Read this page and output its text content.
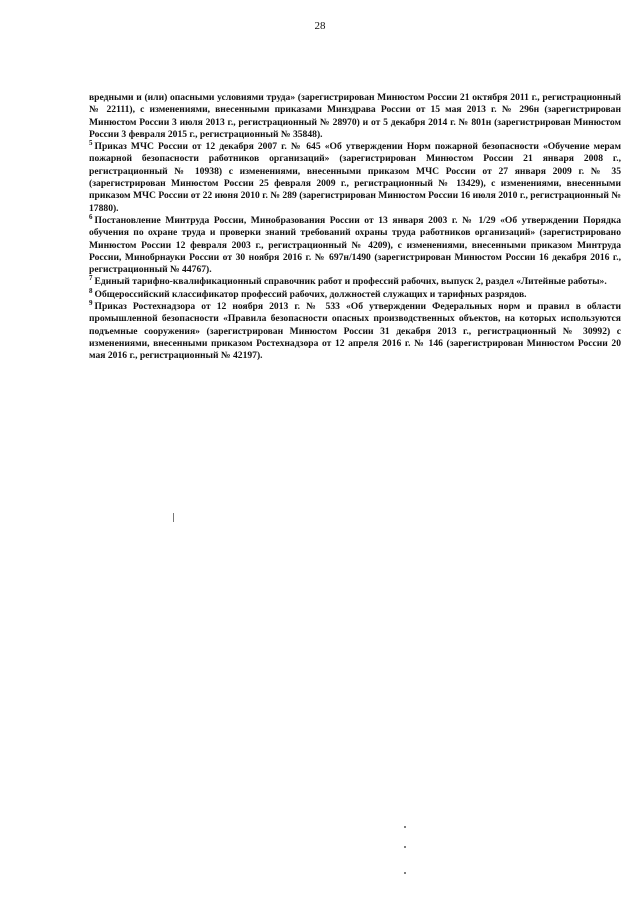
28

вредными и (или) опасными условиями труда» (зарегистрирован Минюстом России 21 октября 2011 г., регистрационный № 22111), с изменениями, внесенными приказами Минздрава России от 15 мая 2013 г. № 296н (зарегистрирован Минюстом России 3 июля 2013 г., регистрационный № 28970) и от 5 декабря 2014 г. № 801н (зарегистрирован Минюстом России 3 февраля 2015 г., регистрационный № 35848).

$^5$ Приказ МЧС России от 12 декабря 2007 г. № 645 «Об утверждении Норм пожарной безопасности «Обучение мерам пожарной безопасности работников организаций» (зарегистрирован Минюстом России 21 января 2008 г., регистрационный № 10938) с изменениями, внесенными приказом МЧС России от 27 января 2009 г. № 35 (зарегистрирован Минюстом России 25 февраля 2009 г., регистрационный № 13429), с изменениями, внесенными приказом МЧС России от 22 июня 2010 г. № 289 (зарегистрирован Минюстом России 16 июля 2010 г., регистрационный № 17880).

$^6$ Постановление Минтруда России, Минобразования России от 13 января 2003 г. № 1/29 «Об утверждении Порядка обучения по охране труда и проверки знаний требований охраны труда работников организаций» (зарегистрировано Минюстом России 12 февраля 2003 г., регистрационный № 4209), с изменениями, внесенными приказом Минтруда России, Минобрнауки России от 30 ноября 2016 г. № 697н/1490 (зарегистрирован Минюстом России 16 декабря 2016 г., регистрационный № 44767).

$^7$ Единый тарифно-квалификационный справочник работ и профессий рабочих, выпуск 2, раздел «Литейные работы».

$^8$ Общероссийский классификатор профессий рабочих, должностей служащих и тарифных разрядов.

$^9$ Приказ Ростехнадзора от 12 ноября 2013 г. № 533 «Об утверждении Федеральных норм и правил в области промышленной безопасности «Правила безопасности опасных производственных объектов, на которых используются подъемные сооружения» (зарегистрирован Минюстом России 31 декабря 2013 г., регистрационный № 30992) с изменениями, внесенными приказом Ростехнадзора от 12 апреля 2016 г. № 146 (зарегистрирован Минюстом России 20 мая 2016 г., регистрационный № 42197).
